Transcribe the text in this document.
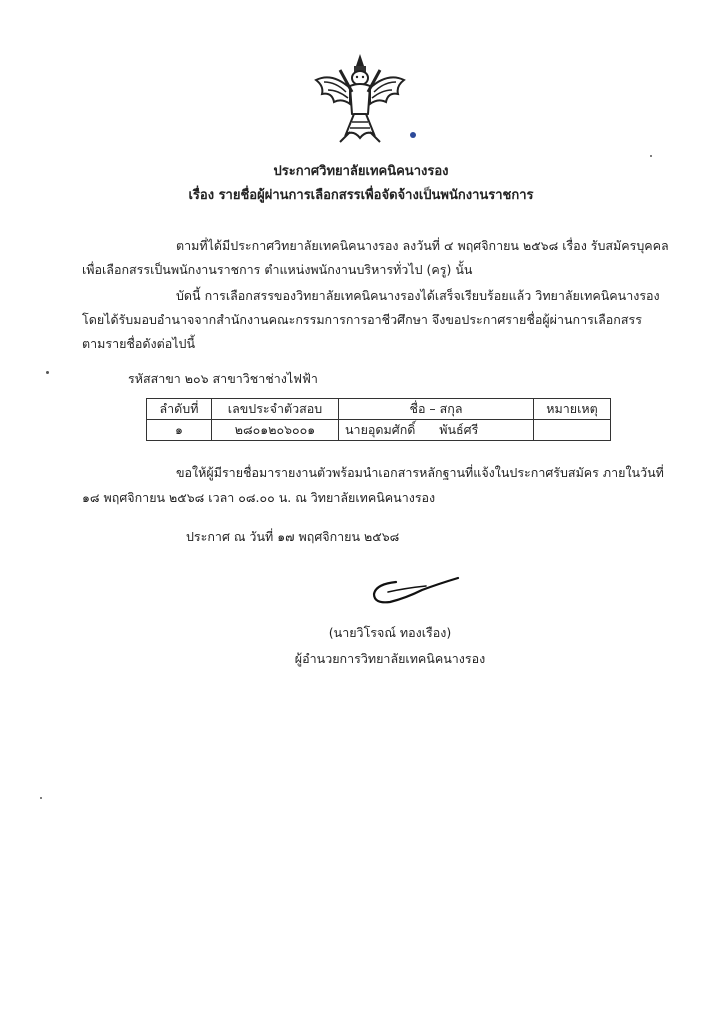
ประกาศวิทยาลัยเทคนิคนางรอง
เรื่อง รายชื่อผู้ผ่านการเลือกสรรเพื่อจัดจ้างเป็นพนักงานราชการ
ตามที่ได้มีประกาศวิทยาลัยเทคนิคนางรอง ลงวันที่ ๔ พฤศจิกายน ๒๕๖๘ เรื่อง รับสมัครบุคคล
เพื่อเลือกสรรเป็นพนักงานราชการ ตำแหน่งพนักงานบริหารทั่วไป (ครู) นั้น
บัดนี้ การเลือกสรรของวิทยาลัยเทคนิคนางรองได้เสร็จเรียบร้อยแล้ว วิทยาลัยเทคนิคนางรอง
โดยได้รับมอบอำนาจจากสำนักงานคณะกรรมการการอาชีวศึกษา จึงขอประกาศรายชื่อผู้ผ่านการเลือกสรร
ตามรายชื่อดังต่อไปนี้
รหัสสาขา ๒๐๖ สาขาวิชาช่างไฟฟ้า
ลำดับที่	เลขประจำตัวสอบ	ชื่อ – สกุล	หมายเหตุ
๑	๒๘๐๑๒๐๖๐๐๑	นายอุดมศักดิ์      พันธ์ศรี	
ขอให้ผู้มีรายชื่อมารายงานตัวพร้อมนำเอกสารหลักฐานที่แจ้งในประกาศรับสมัคร ภายในวันที่
๑๘ พฤศจิกายน ๒๕๖๘ เวลา ๐๘.๐๐ น. ณ วิทยาลัยเทคนิคนางรอง
ประกาศ ณ วันที่ ๑๗ พฤศจิกายน ๒๕๖๘
(นายวิโรจณ์ ทองเรือง)
ผู้อำนวยการวิทยาลัยเทคนิคนางรอง
